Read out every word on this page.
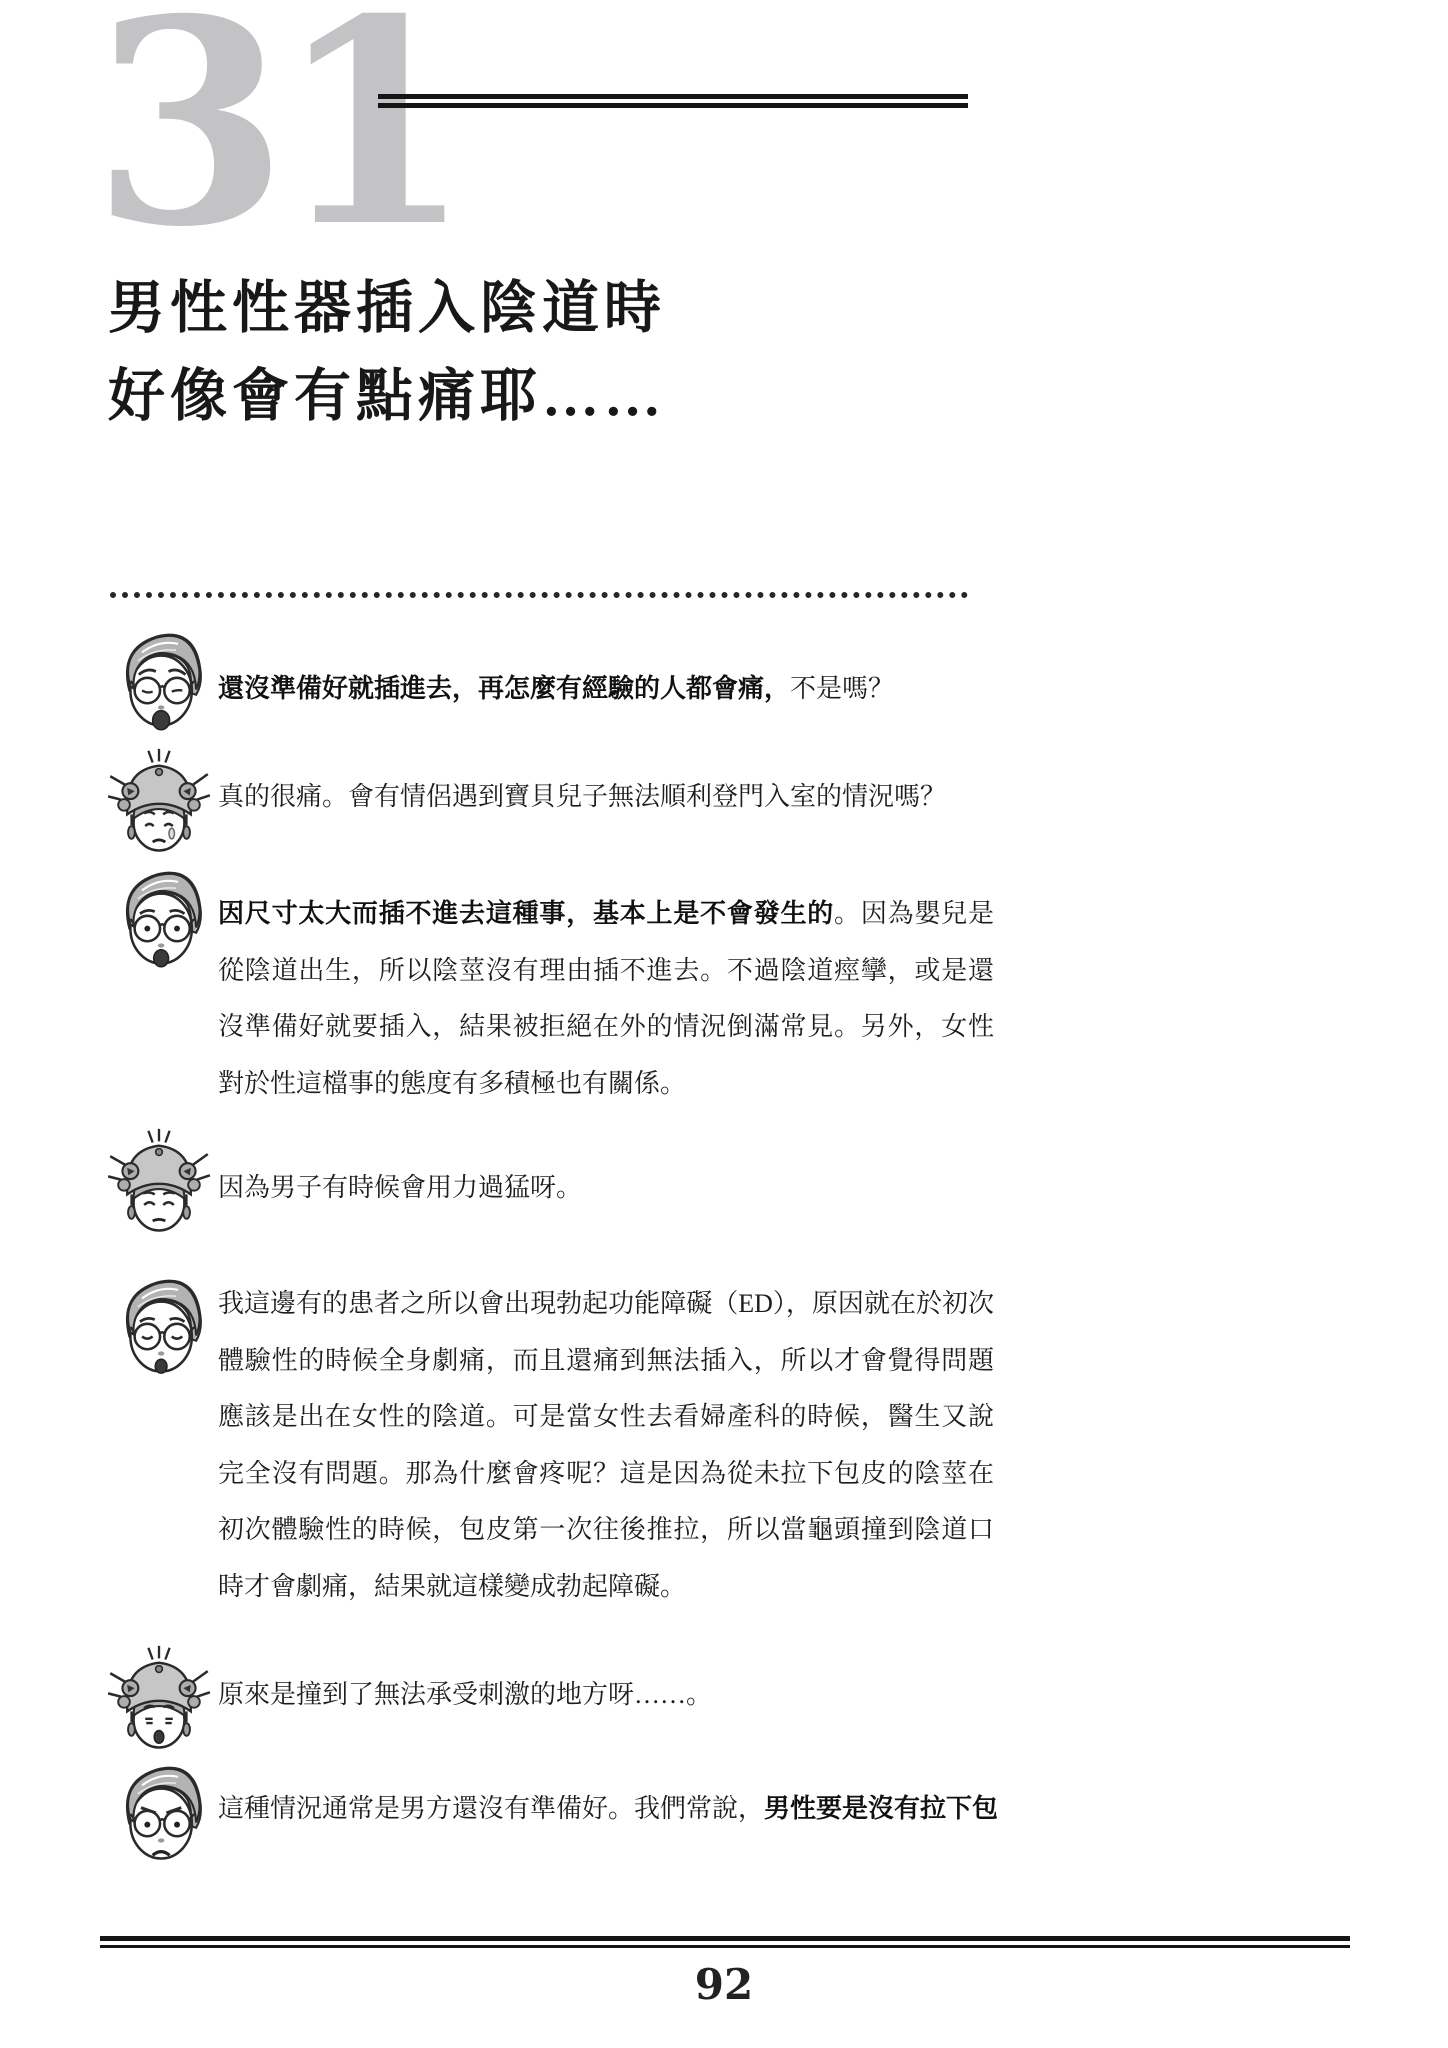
31
男性性器插入陰道時
好像會有點痛耶……
還沒準備好就插進去，再怎麼有經驗的人都會痛，不是嗎？
真的很痛。會有情侶遇到寶貝兒子無法順利登門入室的情況嗎？
因尺寸太大而插不進去這種事，基本上是不會發生的。因為嬰兒是從陰道出生，所以陰莖沒有理由插不進去。不過陰道痙攣，或是還沒準備好就要插入，結果被拒絕在外的情況倒滿常見。另外，女性對於性這檔事的態度有多積極也有關係。
因為男子有時候會用力過猛呀。
我這邊有的患者之所以會出現勃起功能障礙（ED），原因就在於初次體驗性的時候全身劇痛，而且還痛到無法插入，所以才會覺得問題應該是出在女性的陰道。可是當女性去看婦產科的時候，醫生又說完全沒有問題。那為什麼會疼呢？這是因為從未拉下包皮的陰莖在初次體驗性的時候，包皮第一次往後推拉，所以當龜頭撞到陰道口時才會劇痛，結果就這樣變成勃起障礙。
原來是撞到了無法承受刺激的地方呀……。
這種情況通常是男方還沒有準備好。我們常說，男性要是沒有拉下包
92
